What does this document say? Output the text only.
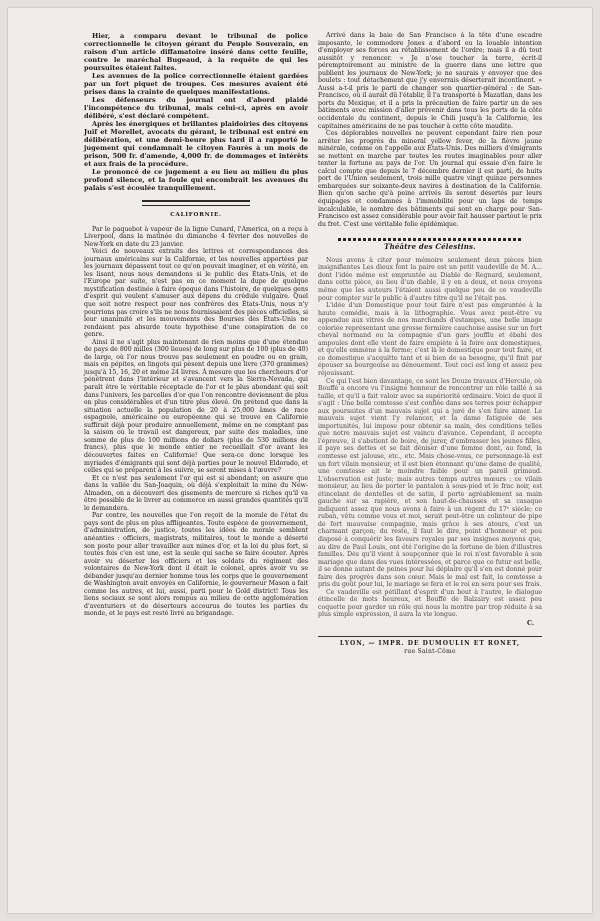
Hier, a comparu devant le tribunal de police correctionnelle le citoyen gérant du Peuple Souverain, en raison d'un article diffamatoire inséré dans cette feuille, contre le maréchal Bugeaud, à la requête de qui les poursuites étaient faites.

Les avenues de la police correctionnelle étaient gardées par un fort piquet de troupes. Ces mesures avaient été prises dans la crainte de quelques manifestations.

Les défenseurs du journal ont d'abord plaidé l'incompétence du tribunal, mais celui-ci, après en avoir délibéré, s'est déclaré compétent.

Après les énergiques et brillantes plaidoiries des citoyens Juif et Morellet, avocats du gérant, le tribunal est entré en délibération, et une demi-heure plus tard il a rapporté le jugement qui condamnait le citoyen Faurès à un mois de prison, 500 fr. d'amende, 4,000 fr. de dommages et intérêts et aux frais de la procédure.

Le prononcé de ce jugement a eu lieu au milieu du plus profond silence, et la foule qui encombrait les avenues du palais s'est écoulée tranquillement.

CALIFORNIE.

Par le paquebot à vapeur de la ligne Cunard, l'America, on a reçu à Liverpool, dans la matinée du dimanche 4 février des nouvelles de New-York en date du 23 janvier.

Voici de nouveaux extraits des lettres et correspondances des journaux américains sur la Californie, et les nouvelles apportées par les journaux dépassent tout ce qu'on pouvait imaginer, et en vérité, en les lisant, nous nous demandons si le public des États-Unis, et de l'Europe par suite, n'est pas en ce moment la dupe de quelque mystification destinée à faire époque dans l'histoire, de quelques gens d'esprit qui veulent s'amuser aux dépens du crédule vulgaire. Quel que soit notre respect pour nos confrères des États-Unis, nous n'y pourrions pas croire s'ils ne nous fournissaient des pièces officielles, si leur unanimité et les mouvements des Bourses des États-Unis ne rendaient pas absurde toute hypothèse d'une conspiration de ce genre.

Ainsi il ne s'agit plus maintenant de rien moins que d'une étendue de pays de 800 milles (300 lieues) de long sur plus de 100 (plus de 40) de large, où l'or nous trouve pas seulement en poudre ou en grain, mais en pépites, en lingots qui pèsent depuis une livre (370 grammes) jusqu'à 15, 16, 20 et même 24 livres. À mesure que les chercheurs d'or pénètrent dans l'intérieur et s'avancent vers la Sierra-Nevada, qui paraît être le véritable réceptacle de l'or et le plus abondant qui soit dans l'univers, les parcelles d'or que l'on rencontre deviennent de plus en plus considérables et d'un titre plus élevé. On prétend que dans la situation actuelle la population de 20 à 25,000 âmes de race espagnole, américaine ou européenne qui se trouve en Californie suffirait déjà pour produire annuellement, même en ne comptant pas la saison où le travail est dangereux, par suite des maladies, une somme de plus de 100 millions de dollars (plus de 530 millions de francs), plus que le monde entier ne recueillait d'or avant les découvertes faites en Californie! Que sera-ce donc lorsque les myriades d'émigrants qui sont déjà parties pour le nouvel Eldorado, et celles qui se préparent à les suivre, se seront mises à l'œuvre?

Et ce n'est pas seulement l'or qui est si abondant; on assure que dans la vallée du San-Joaquin, où déjà s'exploitait la mine du New-Almaden, on a découvert des gisements de mercure si riches qu'il va être possible de le livrer au commerce en aussi grandes quantités qu'il le demandera.

Par contre, les nouvelles que l'on reçoit de la morale de l'état du pays sont de plus en plus affligeantes. Toute espèce de gouvernement, d'administration, de justice, toutes les idées de morale semblent anéanties : officiers, magistrats, militaires, tout le monde a déserté son poste pour aller travailler aux mines d'or, et la loi du plus fort, si toutes fois c'en est une, est la seule qui sache se faire écouter. Après avoir vu déserter les officiers et les soldats du régiment des volontaires de New-York dont il était le colonel, après avoir vu se débander jusqu'au dernier homme tous les corps que le gouvernement de Washington avait envoyés en Californie, le gouverneur Mason a fait comme les autres, et lui, aussi, parti pour le Gold district! Tous les liens sociaux se sont alors rompus au milieu de cette agglomération d'aventuriers et de déserteurs accourus de toutes les parties du monde, et le pays est resté livré au brigandage.

Arrivé dans la baie de San Francisco à la tête d'une escadre imposante, le commodore Jones a d'abord eu la louable intention d'employer ses forces au rétablissement de l'ordre; mais il a dû tout aussitôt y renoncer. « Je n'ose toucher la terre, écrit-il péremptoirement au ministre de la guerre dans une lettre que publient les journaux de New-York; je ne saurais y envoyer que des boulets : tout détachement que j'y enverrais déserterait incontinent. » Aussi a-t-il pris le parti de changer son quartier-général : de San-Francisco, où il aurait dû l'établir, il l'a transporté à Mazatlan, dans les ports du Mexique, et il a pris la précaution de faire partir un de ses bâtiments avec mission d'aller prévenir dans tous les ports de la côte occidentale du continent, depuis le Chili jusqu'à la Californie, les capitaines américains de ne pas toucher à cette côte maudite.

Ces déplorables nouvelles ne peuvent cependant faire rien pour arrêter les progrès du mineral yellow fever, de la fièvre jaune minérale, comme on l'appelle aux États-Unis. Des milliers d'émigrants se mettent en marche par toutes les routes imaginables pour aller tenter la fortune au pays de l'or. Un journal qui essaie d'en faire le calcul compte que depuis le 7 décembre dernier il est parti, de huits port de l'Union seulement, trois mille quatre vingt quinze personnes embarquées sur soixante-deux navires à destination de la Californie. Bien qu'on sache qu'à peine arrivés ils seront désertés par leurs équipages et condamnés à l'immobilité pour un laps de temps incalculable, le nombre des bâtiments qui sont en charge pour San-Francisco est assez considérable pour avoir fait hausser partout le prix du fret. C'est une véritable folie épidémique.

Théâtre des Célestins.

Nous avons à citer pour mémoire seulement deux pièces bien insignifiantes Les dieux font la paire est un petit vaudeville de M. A... dont l'idée même est empruntée au Diable de Regnard, seulement, dans cette pièce, au lieu d'un diable, il y en a deux, et nous croyons même que les auteurs l'étaient aussi quelque peu de ce vaudeville pour compter sur le public à d'autre titre qu'il ne l'était pas.

L'idée d'un Domestique pour tout faire n'est pas empruntée à la haute comédie, mais à la lithographie. Vous avez peut-être vu appendue aux vitres de nos marchands d'estampes, une belle image coloriée représentant une grosse fermière cauchoise assise sur un fort cheval normand ou la compagnie d'un gars joufflu et ébahi des ampoules dont elle vient de faire empiète à la foire aux domestiques, et qu'elle emmène à la ferme; c'est là le domestique pour tout faire, et ce domestique s'acquitte tant et si bien de sa besogne, qu'il finit par épouser sa bourgeoise au dénouement. Tout ceci est long et assez peu réjouissant.

Ce qui l'est bien davantage, ce sont les Douze travaux d'Hercule, où Bouffé a encore vu l'insigne honneur de rencontrer un rôle taillé à sa taille, et qu'il a fait valoir avec sa supériorité ordinaire. Voici de quoi il s'agit : Une belle comtesse s'est confiée dans ses terres pour échapper aux poursuites d'un mauvais sujet qui a juré de s'en faire aimer. Le mauvais sujet vient l'y relancer, et la dame fatiguée de ses importunités, lui impose pour obtenir sa main, des conditions telles que notre mauvais sujet est vaincu d'avance. Cependant, il accepte l'épreuve, il s'abstient de boire, de jurer, d'embrasser les jeunes filles, il paye ses dettes et se fait déniser d'une femme dont, au fond, la comtesse est jalouse, etc., etc. Mais chose-vous, ce personnage-là est un fort vilain monsieur, et il est bien étonnant qu'une dame de qualité, une comtesse ait le moindre faible pour un pareil grimaud. L'observation est juste; mais autres temps autres mœurs : ce vilain monsieur, au lieu de porter le pantalon à sous-pied et le frac noir, est étincelant de dentelles et de satin, il porte agréablement sa main gauche sur sa rapière, et son haut-de-chausses et sa casaque indiquent assez que nous avons à faire à un régent du 17ᵉ siècle; ce ruban, vêtu comme vous et moi, serait peut-être un colinteur de pipe de fort mauvaise compagnie, mais grâce à ses atours, c'est un charmant garçon; du reste, il faut le dire, point d'honneur et peu disposé à conquérir les faveurs royales par ses insignes moyens que, au dire de Paul Louis, ont été l'origine de la fortune de bien d'illustres familles. Dès qu'il vient à soupçonner que le roi n'est favorable à son mariage que dans des vues intéressées, et parce que ce futur est belle, il se donne autant de peines pour lui déplaire qu'il s'en est donné pour faire des progrès dans son cœur. Mais le mal est fait, la comtesse a pris du goût pour lui, le mariage se fera et le roi en sera pour ses frais.

Ce vaudeville est pétillant d'esprit d'un bout à l'autre, le dialogue étincelle de mots heureux, et Bouffé de Balzairy est assez peu coquette pour garder un rôle qui nous la montre par trop réduite à sa plus simple expression, il aura la vie longue.

C.
LYON, — IMPR. DE DUMOULIN ET RONET,
rue Saint-Côme
